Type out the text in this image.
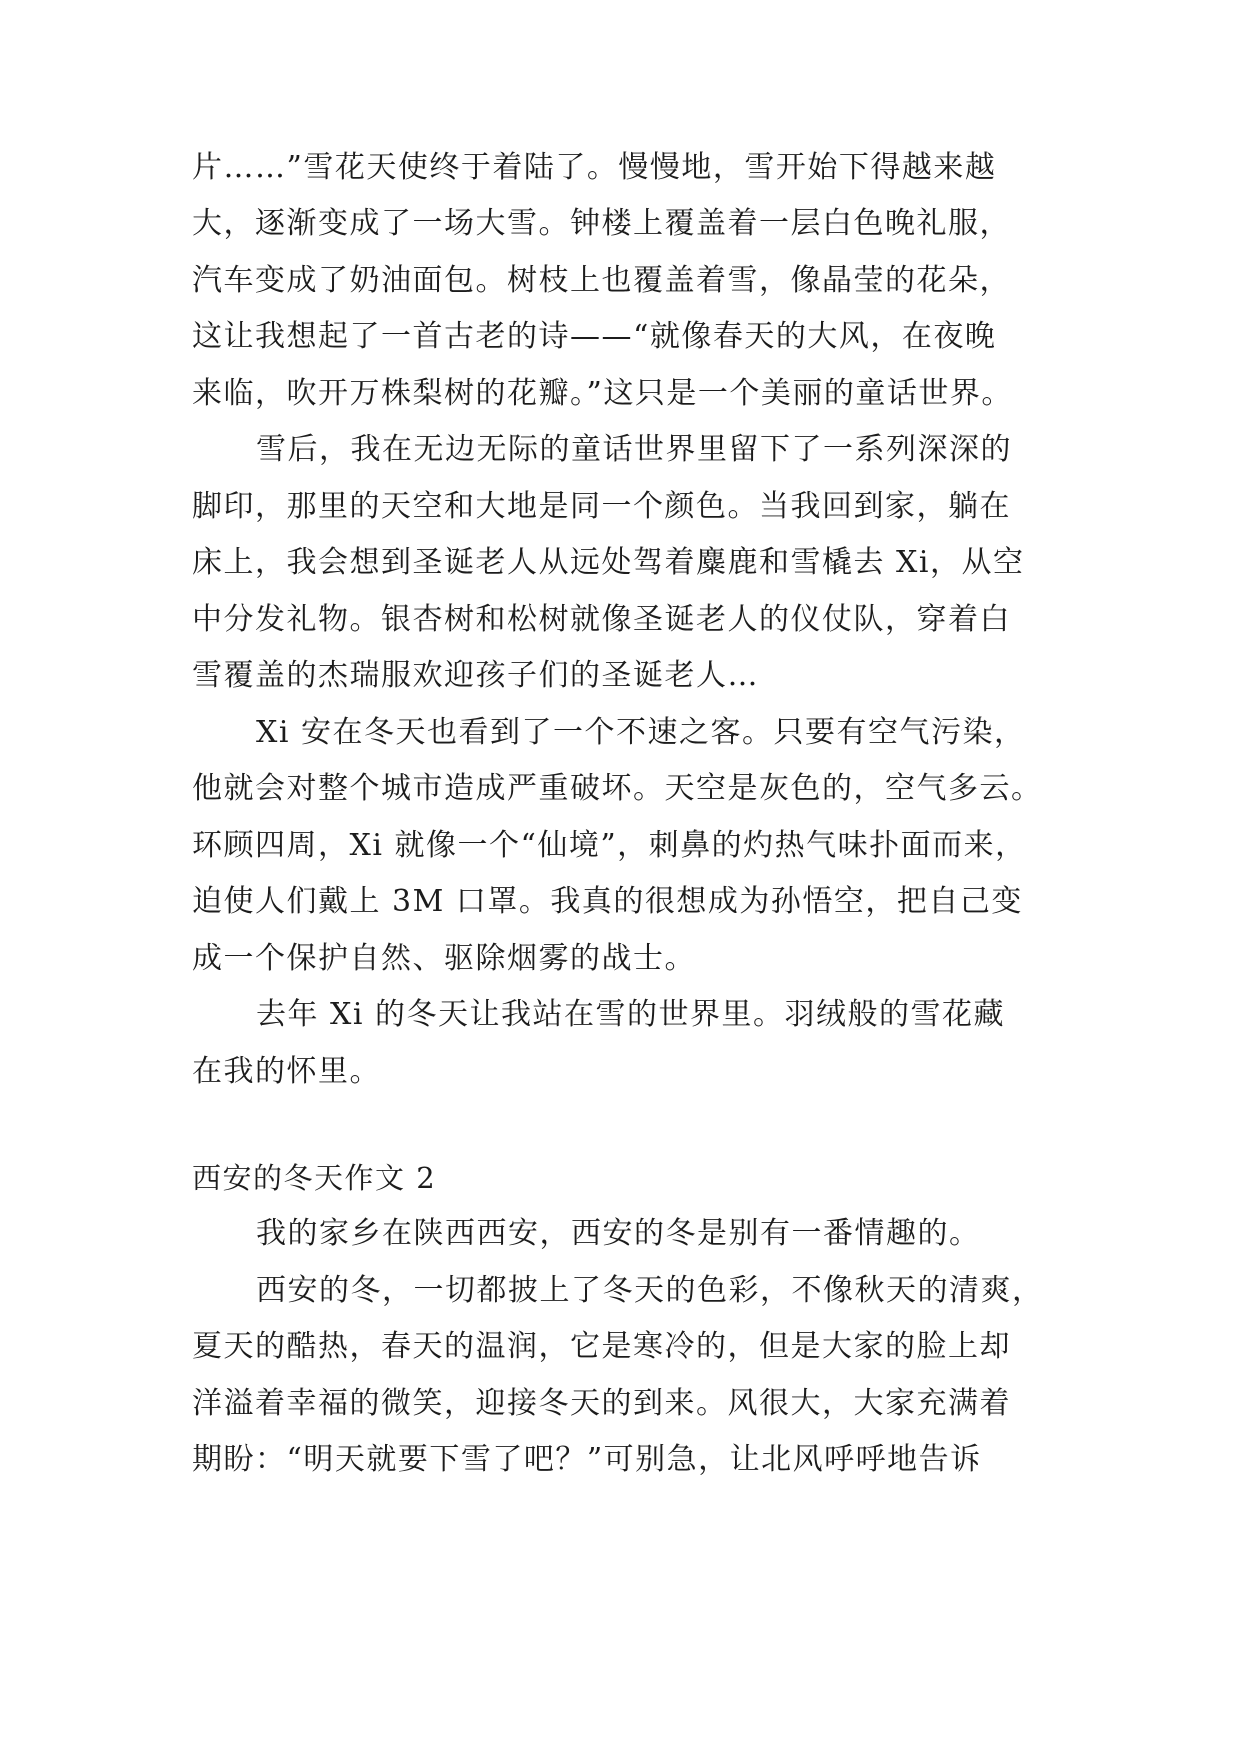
片……”雪花天使终于着陆了。慢慢地，雪开始下得越来越
大，逐渐变成了一场大雪。钟楼上覆盖着一层白色晚礼服，
汽车变成了奶油面包。树枝上也覆盖着雪，像晶莹的花朵，
这让我想起了一首古老的诗——“就像春天的大风，在夜晚
来临，吹开万株梨树的花瓣。”这只是一个美丽的童话世界。
雪后，我在无边无际的童话世界里留下了一系列深深的
脚印，那里的天空和大地是同一个颜色。当我回到家，躺在
床上，我会想到圣诞老人从远处驾着麋鹿和雪橇去 Xi，从空
中分发礼物。银杏树和松树就像圣诞老人的仪仗队，穿着白
雪覆盖的杰瑞服欢迎孩子们的圣诞老人…
Xi 安在冬天也看到了一个不速之客。只要有空气污染，
他就会对整个城市造成严重破坏。天空是灰色的，空气多云。
环顾四周，Xi 就像一个“仙境”，刺鼻的灼热气味扑面而来，
迫使人们戴上 3M 口罩。我真的很想成为孙悟空，把自己变
成一个保护自然、驱除烟雾的战士。
去年 Xi 的冬天让我站在雪的世界里。羽绒般的雪花藏
在我的怀里。
西安的冬天作文 2
我的家乡在陕西西安，西安的冬是别有一番情趣的。
西安的冬，一切都披上了冬天的色彩，不像秋天的清爽，
夏天的酷热，春天的温润，它是寒冷的，但是大家的脸上却
洋溢着幸福的微笑，迎接冬天的到来。风很大，大家充满着
期盼：“明天就要下雪了吧？”可别急，让北风呼呼地告诉
